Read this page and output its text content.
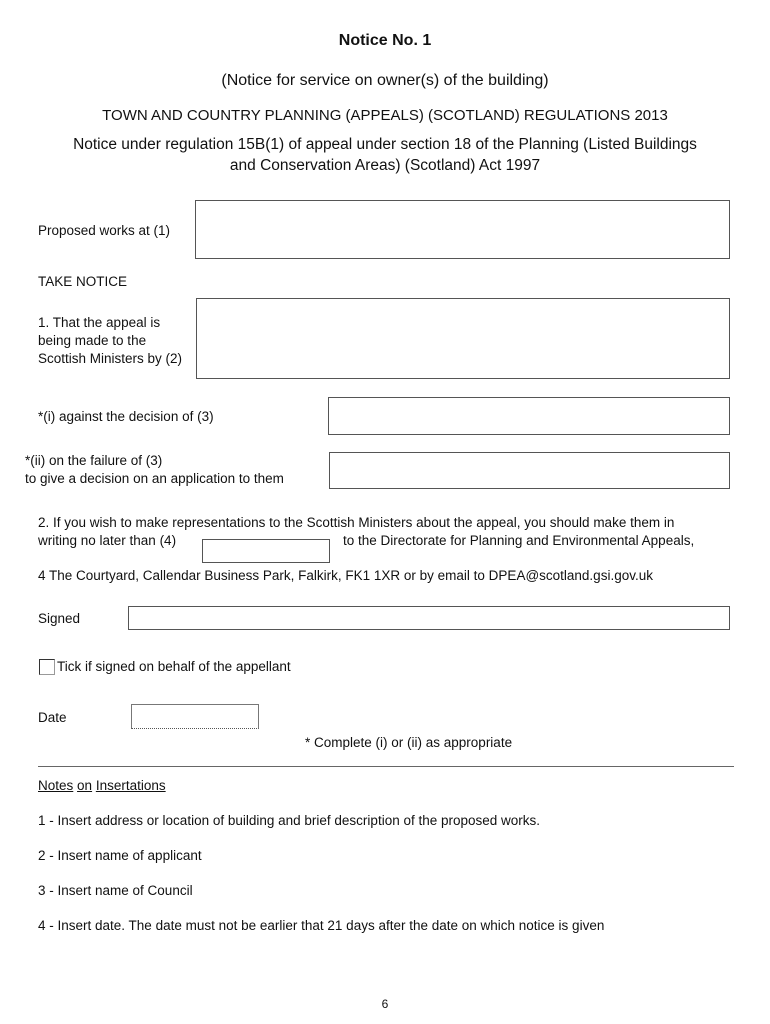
Notice No. 1
(Notice for service on owner(s) of the building)
TOWN AND COUNTRY PLANNING (APPEALS) (SCOTLAND) REGULATIONS 2013
Notice under regulation 15B(1) of appeal under section 18 of the Planning (Listed Buildings
and Conservation Areas) (Scotland) Act 1997
Proposed works at (1)
TAKE NOTICE
1. That the appeal is
being made to the
Scottish Ministers by (2)
*(i) against the decision of (3)
*(ii) on the failure of (3)
to give a decision on an application to them
2. If you wish to make representations to the Scottish Ministers about the appeal, you should make them in
writing no later than (4)	to the Directorate for Planning and Environmental Appeals,
4 The Courtyard, Callendar Business Park, Falkirk, FK1 1XR or by email to DPEA@scotland.gsi.gov.uk
Signed
Tick if signed on behalf of the appellant
Date
* Complete (i) or (ii) as appropriate
Notes on Insertations
1 - Insert address or location of building and brief description of the proposed works.
2 - Insert name of applicant
3 - Insert name of Council
4 - Insert date. The date must not be earlier that 21 days after the date on which notice is given
6
